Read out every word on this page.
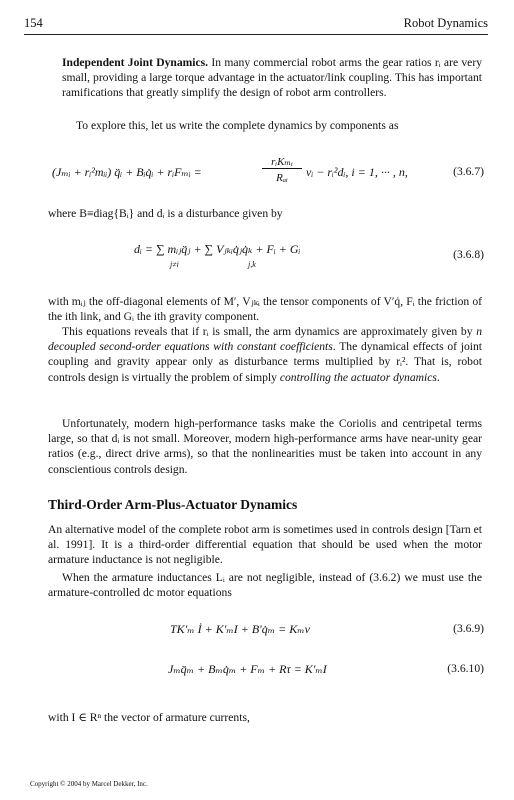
154	Robot Dynamics
Independent Joint Dynamics. In many commercial robot arms the gear ratios rᵢ are very small, providing a large torque advantage in the actuator/link coupling. This has important ramifications that greatly simplify the design of robot arm controllers.
To explore this, let us write the complete dynamics by components as
(Jₘᵢ + rᵢ²mᵢᵢ) q̈ᵢ + Bᵢq̇ᵢ + rᵢFₘᵢ =
rᵢKₘᵢ
Rₐᵢ	vᵢ − rᵢ²dᵢ, i = 1, ··· , n,	(3.6.7)
where B≡diag{Bᵢ} and dᵢ is a disturbance given by
dᵢ = ∑ mᵢⱼq̈ⱼ + ∑ Vⱼₖᵢq̇ⱼq̇ₖ + Fᵢ + Gᵢ
j≠i	j,k
(3.6.8)
with mᵢⱼ the off-diagonal elements of M′, Vⱼₖᵢ the tensor components of V′q̇, Fᵢ the friction of the ith link, and Gᵢ the ith gravity component.
This equations reveals that if rᵢ is small, the arm dynamics are approximately given by n decoupled second-order equations with constant coefficients. The dynamical effects of joint coupling and gravity appear only as disturbance terms multiplied by rᵢ². That is, robot controls design is virtually the problem of simply controlling the actuator dynamics.
Unfortunately, modern high-performance tasks make the Coriolis and centripetal terms large, so that dᵢ is not small. Moreover, modern high-performance arms have near-unity gear ratios (e.g., direct drive arms), so that the nonlinearities must be taken into account in any conscientious controls design.
Third-Order Arm-Plus-Actuator Dynamics
An alternative model of the complete robot arm is sometimes used in controls design [Tarn et al. 1991]. It is a third-order differential equation that should be used when the motor armature inductance is not negligible.
When the armature inductances Lᵢ are not negligible, instead of (3.6.2) we must use the armature-controlled dc motor equations
TK′ₘ İ + K′ₘI + B′q̇ₘ = Kₘv	(3.6.9)
Jₘq̈ₘ + Bₘq̇ₘ + Fₘ + Rτ = K′ₘI	(3.6.10)
with I ∈ Rⁿ the vector of armature currents,
Copyright © 2004 by Marcel Dekker, Inc.
